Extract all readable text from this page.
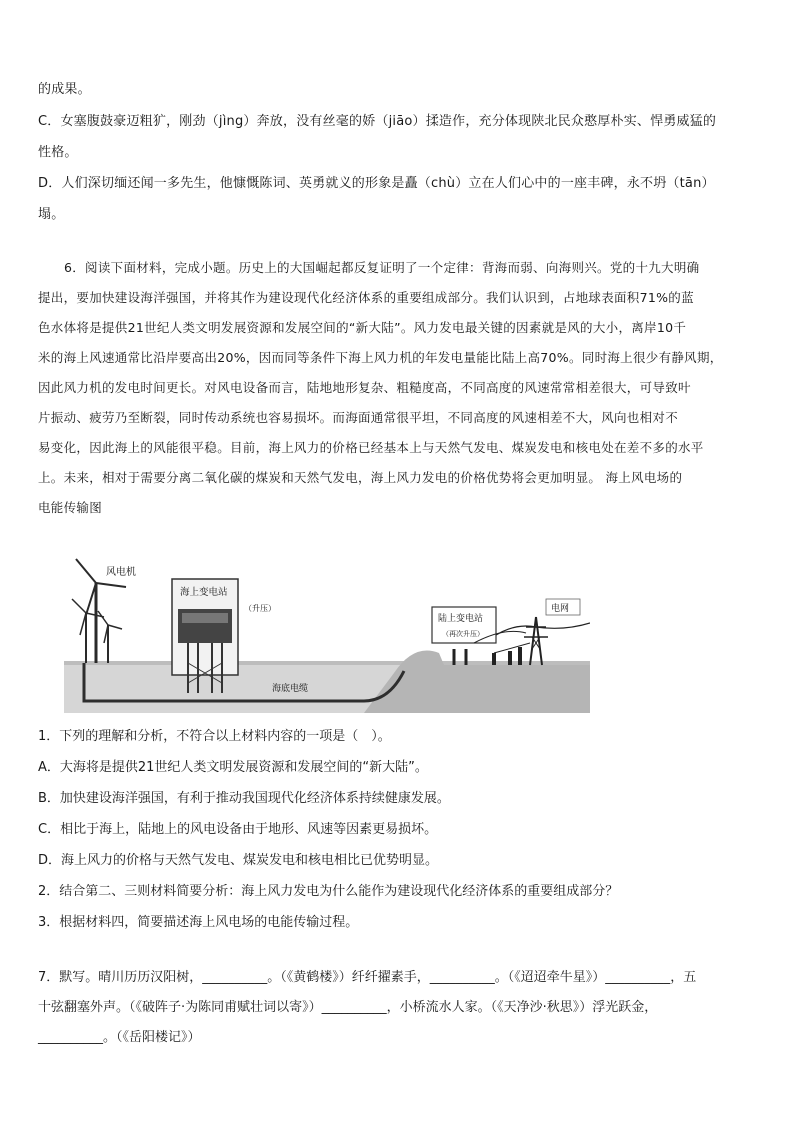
的成果。
C．女塞腹鼓豪迈粗犷，刚劲（jìng）奔放，没有丝毫的娇（jiāo）揉造作，充分体现陕北民众憨厚朴实、悍勇威猛的
性格。
D．人们深切缅还闻一多先生，他慷慨陈词、英勇就义的形象是矗（chù）立在人们心中的一座丰碑，永不坍（tān）
塌。
6．阅读下面材料，完成小题。历史上的大国崛起都反复证明了一个定律：背海而弱、向海则兴。党的十九大明确
提出，要加快建设海洋强国，并将其作为建设现代化经济体系的重要组成部分。我们认识到，占地球表面积71%的蓝
色水体将是提供21世纪人类文明发展资源和发展空间的“新大陆”。风力发电最关键的因素就是风的大小，离岸10千
米的海上风速通常比沿岸要高出20%，因而同等条件下海上风力机的年发电量能比陆上高70%。同时海上很少有静风期，
因此风力机的发电时间更长。对风电设备而言，陆地地形复杂、粗糙度高，不同高度的风速常常相差很大，可导致叶
片振动、疲劳乃至断裂，同时传动系统也容易损坏。而海面通常很平坦，不同高度的风速相差不大，风向也相对不
易变化，因此海上的风能很平稳。目前，海上风力的价格已经基本上与天然气发电、煤炭发电和核电处在差不多的水平
上。未来，相对于需要分离二氧化碳的煤炭和天然气发电，海上风力发电的价格优势将会更加明显。 海上风电场的
电能传输图
风电机
海上变电站
（升压）
海底电缆
陆上变电站
（再次升压）
电网
1．下列的理解和分析，不符合以上材料内容的一项是（　）。
A．大海将是提供21世纪人类文明发展资源和发展空间的“新大陆”。
B．加快建设海洋强国，有利于推动我国现代化经济体系持续健康发展。
C．相比于海上，陆地上的风电设备由于地形、风速等因素更易损坏。
D．海上风力的价格与天然气发电、煤炭发电和核电相比已优势明显。
2．结合第二、三则材料简要分析：海上风力发电为什么能作为建设现代化经济体系的重要组成部分？
3．根据材料四，简要描述海上风电场的电能传输过程。
7．默写。晴川历历汉阳树，__________。（《黄鹤楼》）纤纤擢素手，__________。（《迢迢牵牛星》）__________，五
十弦翻塞外声。（《破阵子·为陈同甫赋壮词以寄》）__________，小桥流水人家。（《天净沙·秋思》）浮光跃金，
__________。（《岳阳楼记》）
